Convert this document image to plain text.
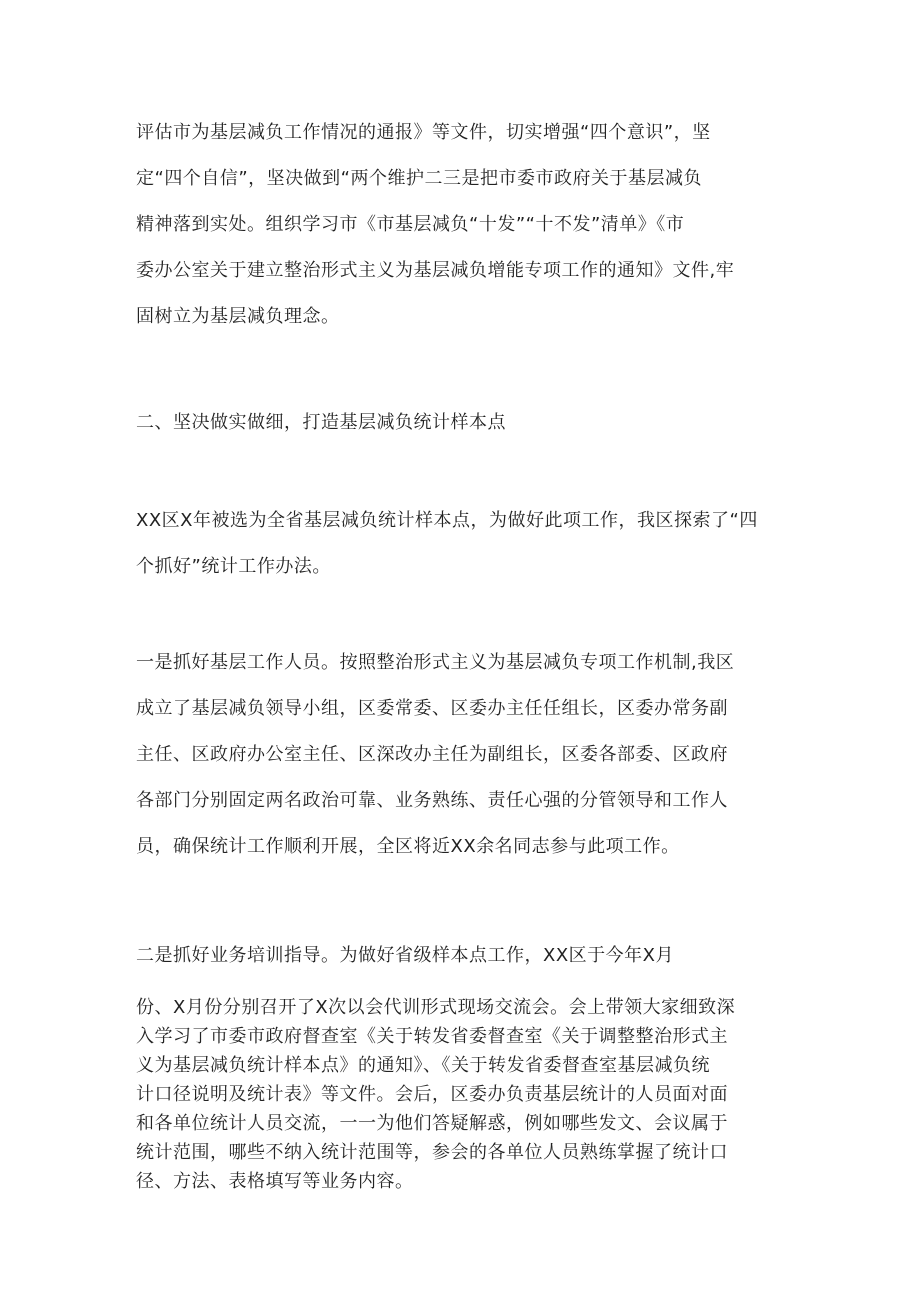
评估市为基层减负工作情况的通报》等文件，切实增强“四个意识”，坚
定“四个自信”，坚决做到“两个维护二三是把市委市政府关于基层减负
精神落到实处。组织学习市《市基层减负“十发”“十不发”清单》《市
委办公室关于建立整治形式主义为基层减负增能专项工作的通知》文件,牢
固树立为基层减负理念。
二、坚决做实做细，打造基层减负统计样本点
XX区X年被选为全省基层减负统计样本点，为做好此项工作，我区探索了“四
个抓好”统计工作办法。
一是抓好基层工作人员。按照整治形式主义为基层减负专项工作机制,我区
成立了基层减负领导小组，区委常委、区委办主任任组长，区委办常务副
主任、区政府办公室主任、区深改办主任为副组长，区委各部委、区政府
各部门分别固定两名政治可靠、业务熟练、责任心强的分管领导和工作人
员，确保统计工作顺利开展，全区将近XX余名同志参与此项工作。
二是抓好业务培训指导。为做好省级样本点工作，XX区于今年X月
份、X月份分别召开了X次以会代训形式现场交流会。会上带领大家细致深
入学习了市委市政府督查室《关于转发省委督查室《关于调整整治形式主
义为基层减负统计样本点》的通知》、《关于转发省委督查室基层减负统
计口径说明及统计表》等文件。会后，区委办负责基层统计的人员面对面
和各单位统计人员交流，一一为他们答疑解惑，例如哪些发文、会议属于
统计范围，哪些不纳入统计范围等，参会的各单位人员熟练掌握了统计口
径、方法、表格填写等业务内容。
